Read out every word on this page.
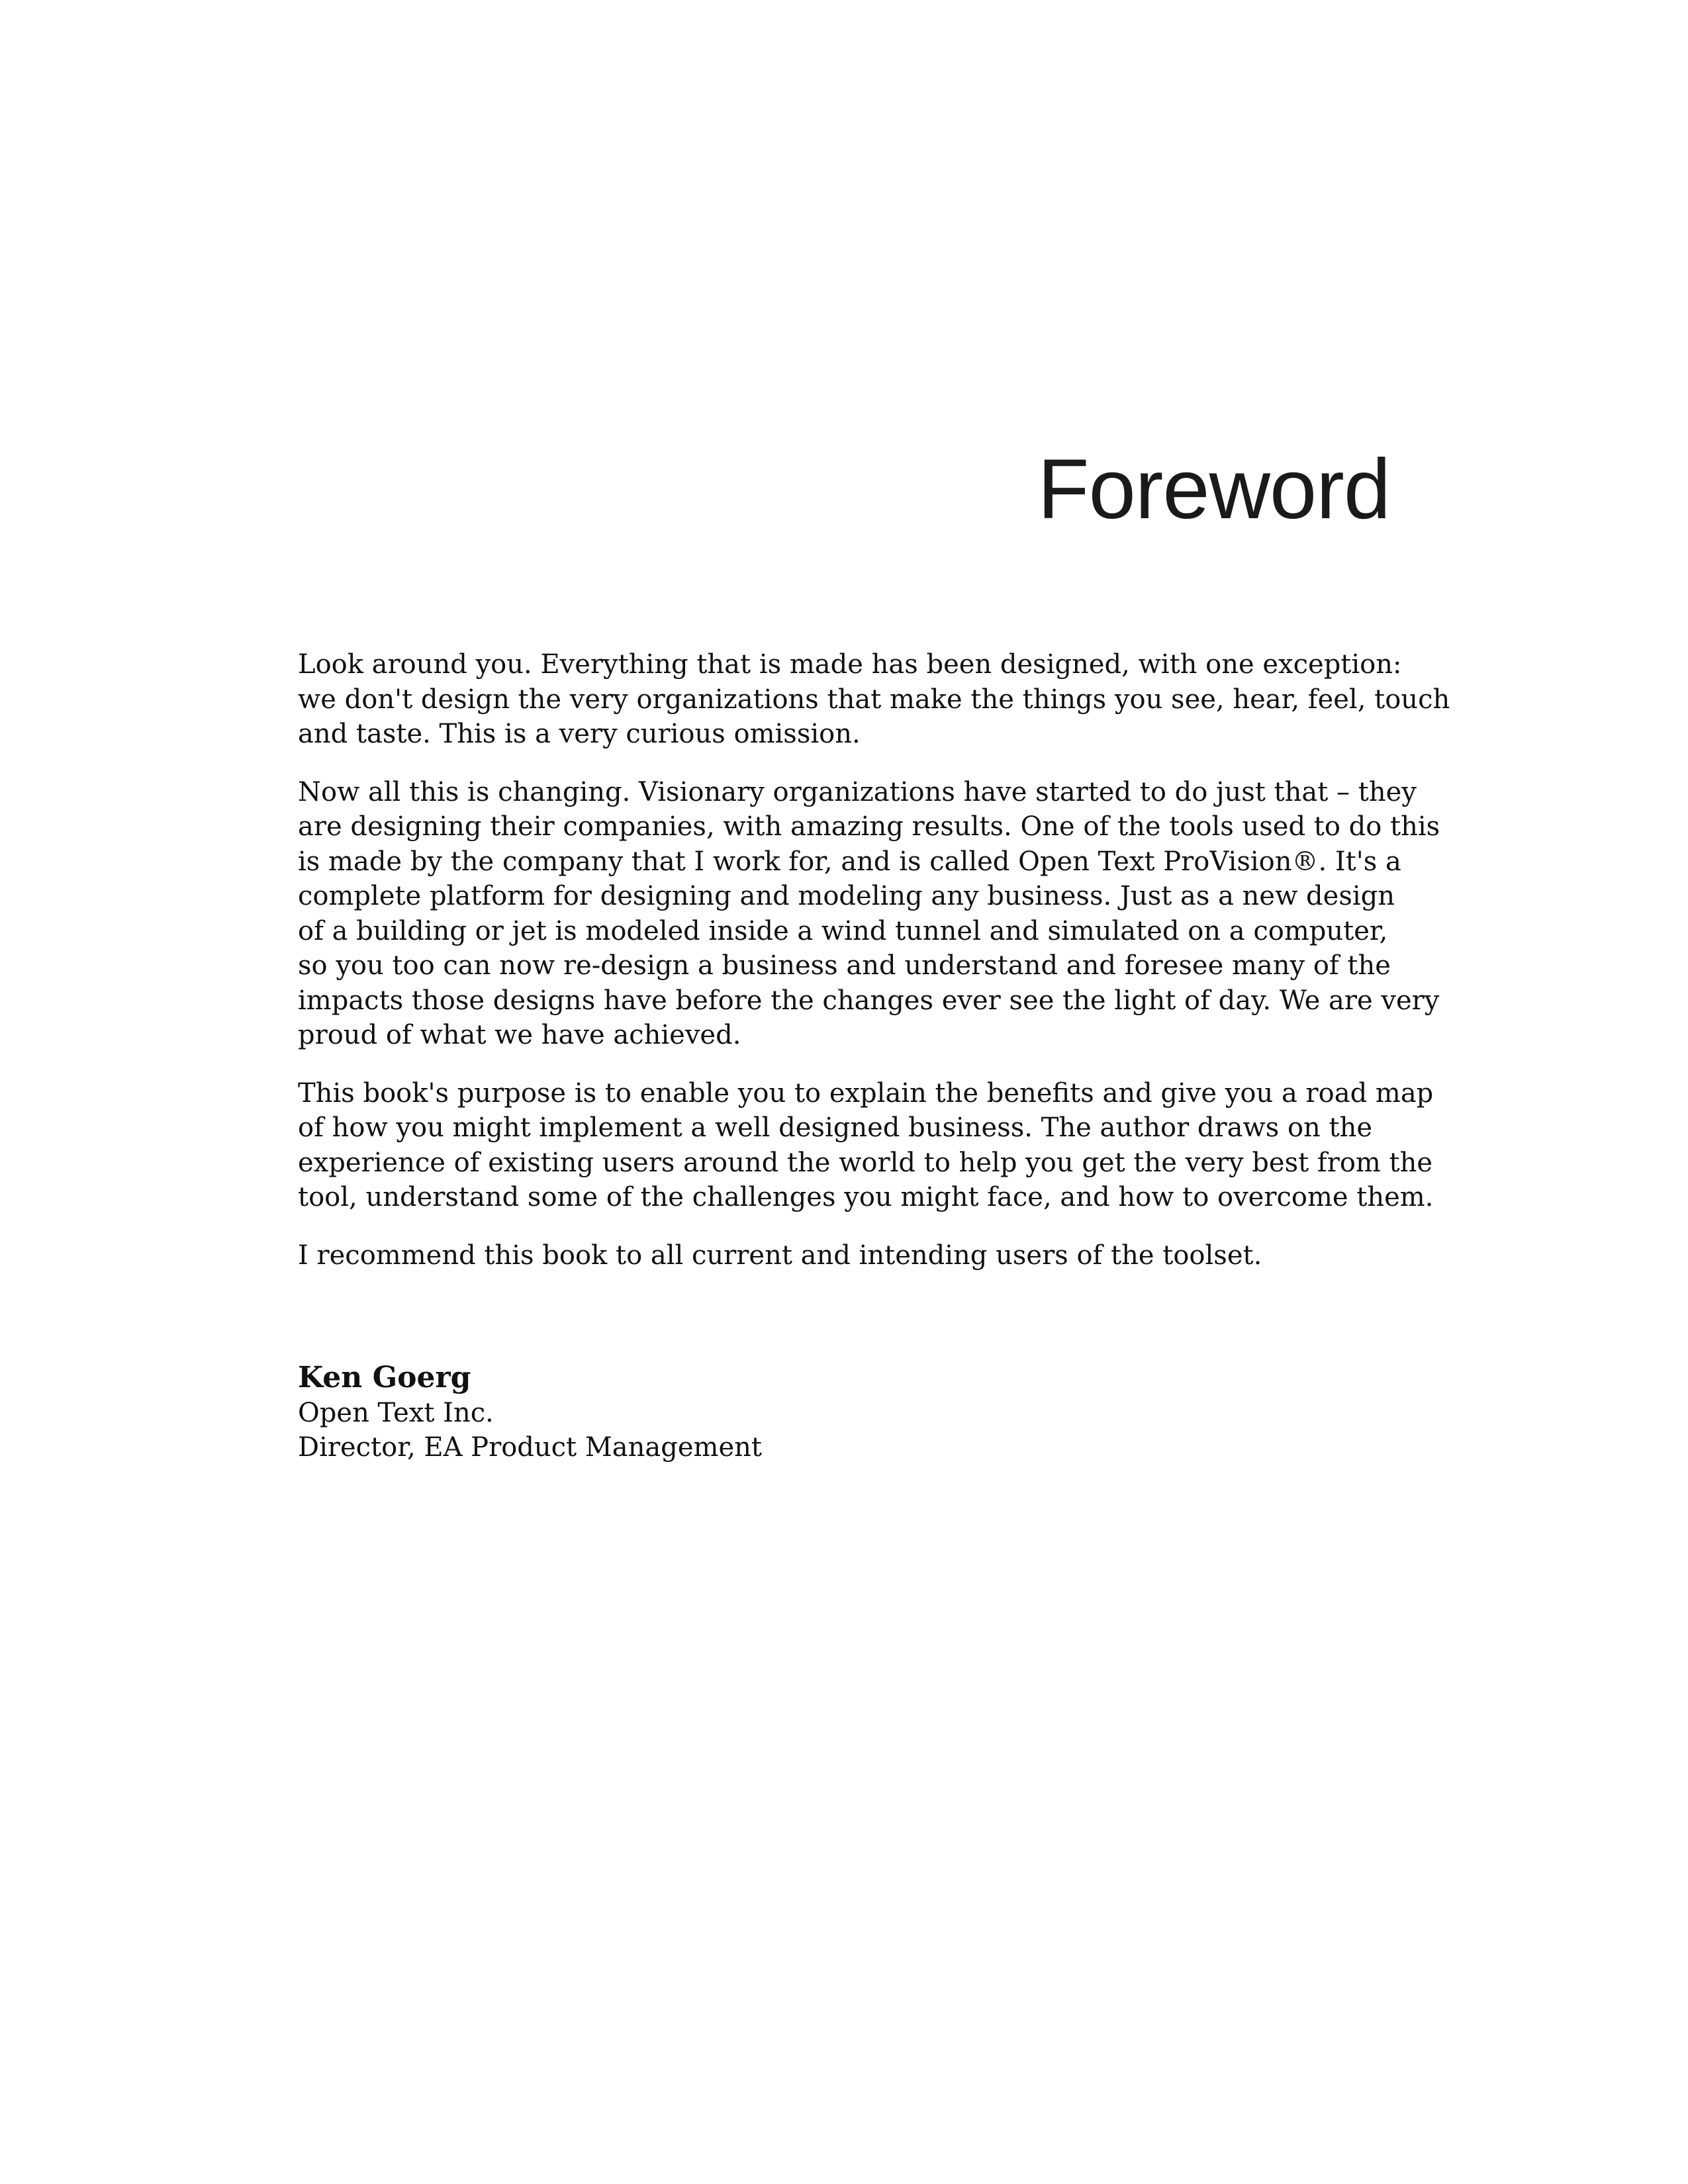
Foreword

Look around you. Everything that is made has been designed, with one exception:
we don't design the very organizations that make the things you see, hear, feel, touch
and taste. This is a very curious omission.

Now all this is changing. Visionary organizations have started to do just that – they
are designing their companies, with amazing results. One of the tools used to do this
is made by the company that I work for, and is called Open Text ProVision®. It's a
complete platform for designing and modeling any business. Just as a new design
of a building or jet is modeled inside a wind tunnel and simulated on a computer,
so you too can now re-design a business and understand and foresee many of the
impacts those designs have before the changes ever see the light of day. We are very
proud of what we have achieved.

This book's purpose is to enable you to explain the benefits and give you a road map
of how you might implement a well designed business. The author draws on the
experience of existing users around the world to help you get the very best from the
tool, understand some of the challenges you might face, and how to overcome them.

I recommend this book to all current and intending users of the toolset.

Ken Goerg
Open Text Inc.
Director, EA Product Management
